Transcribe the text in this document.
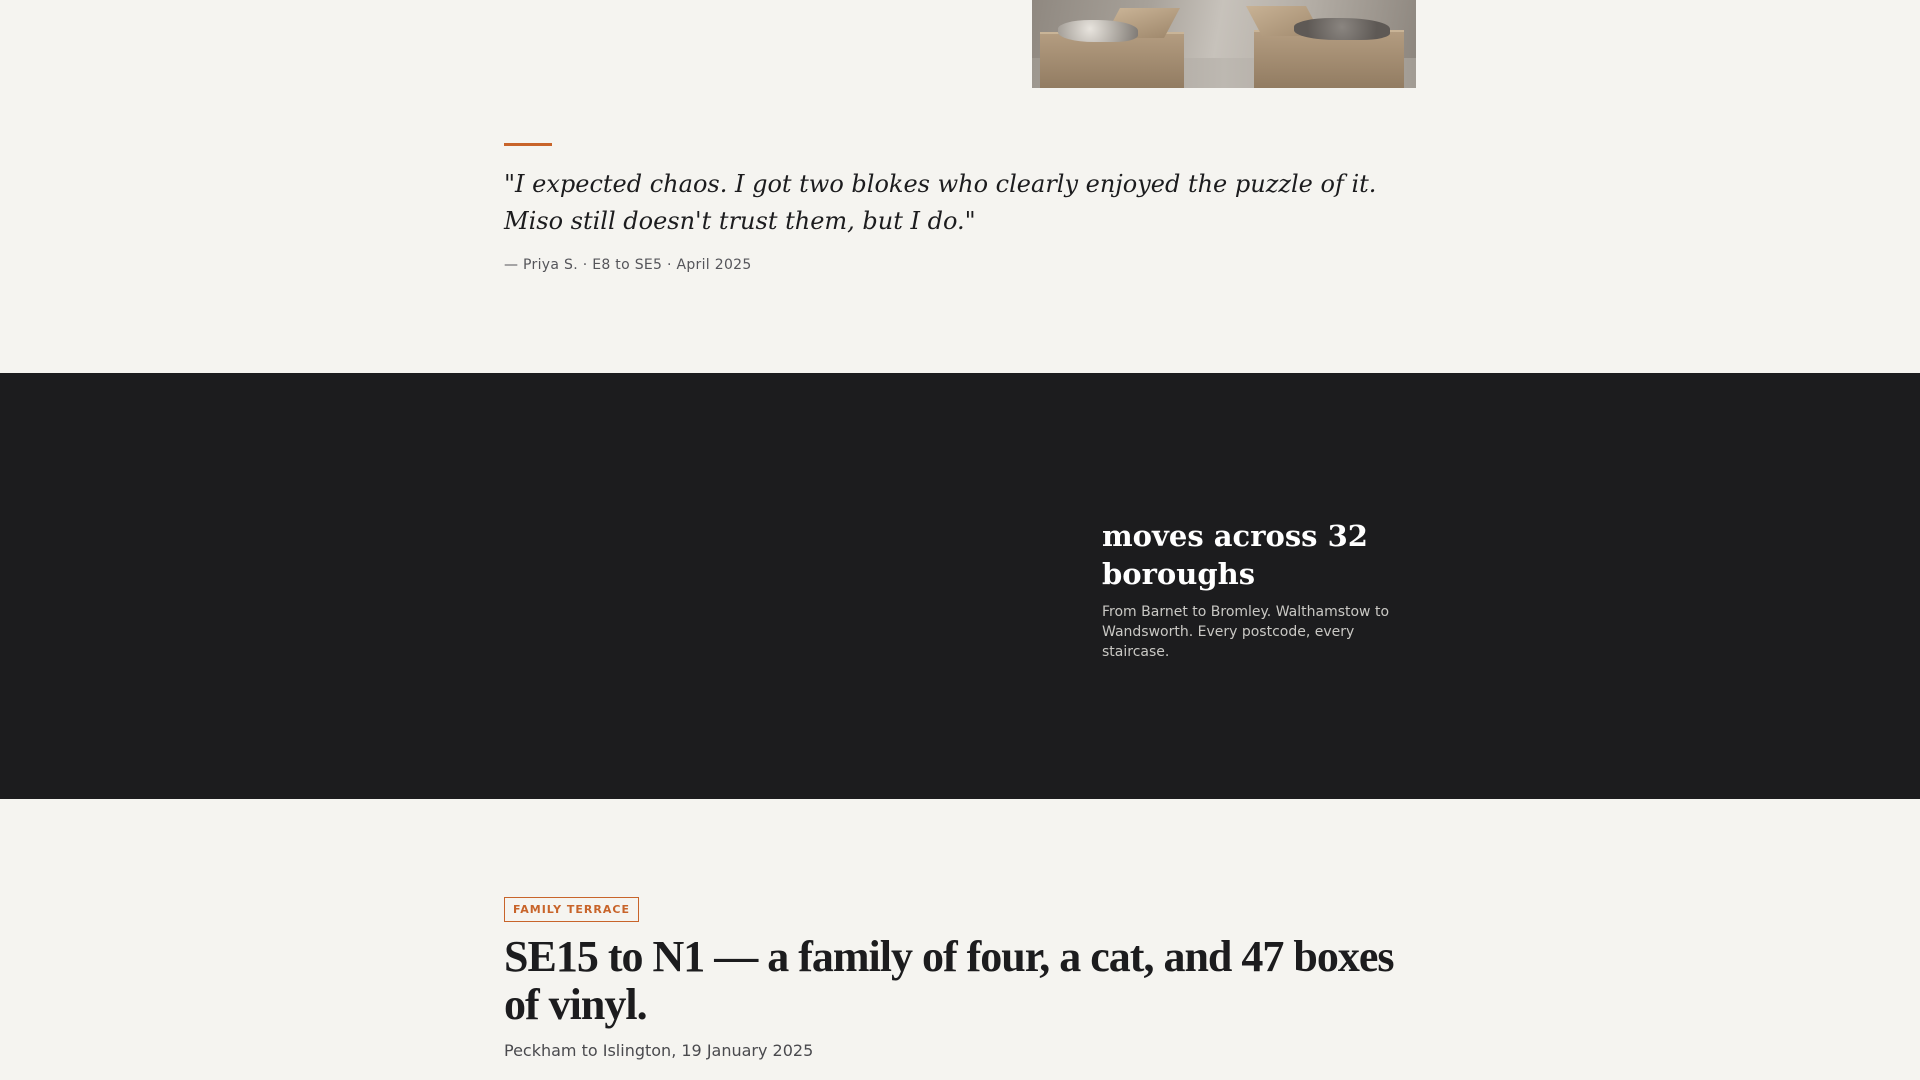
"I expected chaos. I got two blokes who clearly enjoyed the puzzle of it. Miso still doesn't trust them, but I do."

— Priya S. · E8 to SE5 · April 2025

moves across 32 boroughs

From Barnet to Bromley. Walthamstow to Wandsworth. Every postcode, every staircase.

FAMILY TERRACE
SE15 to N1 — a family of four, a cat, and 47 boxes of vinyl.

Peckham to Islington, 19 January 2025
